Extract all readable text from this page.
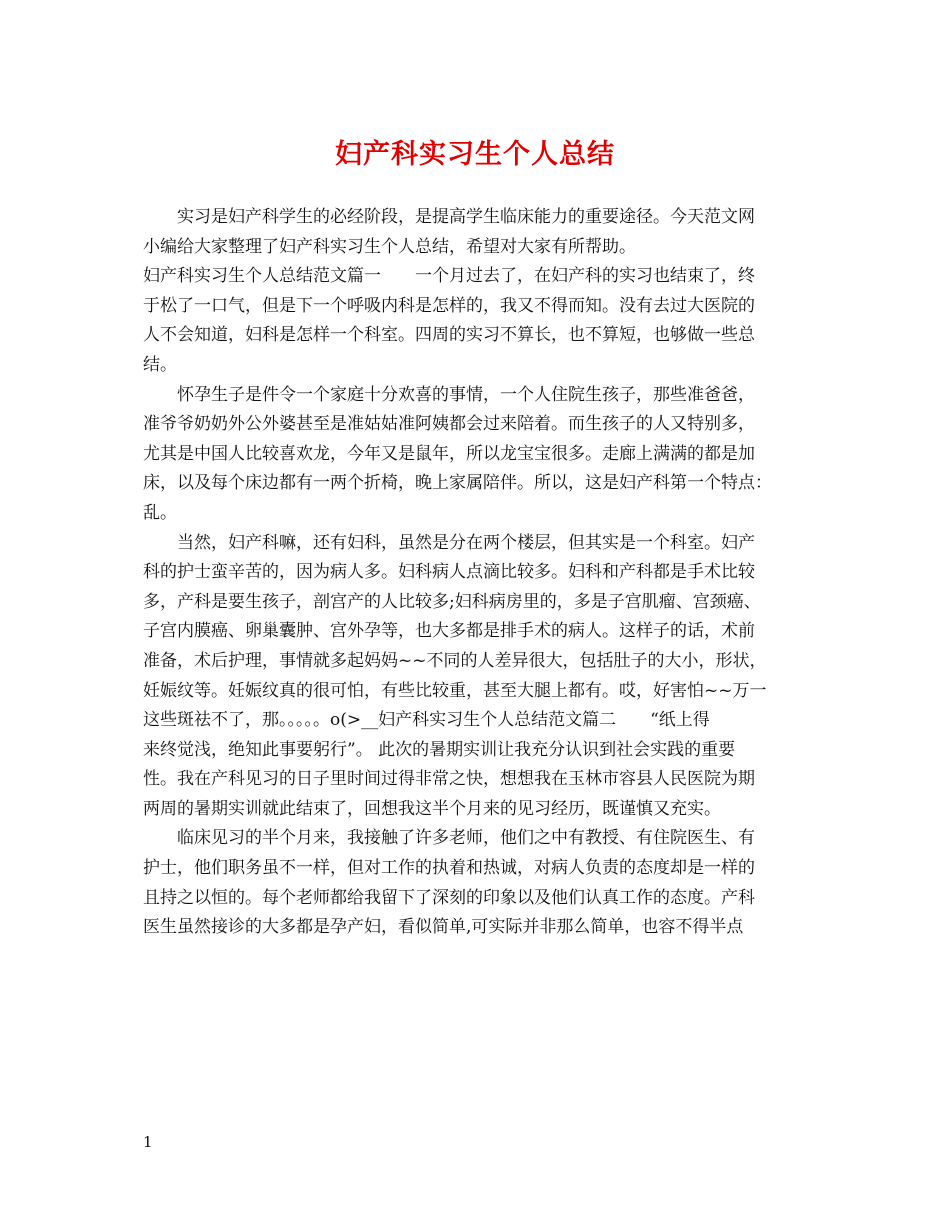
妇产科实习生个人总结
实习是妇产科学生的必经阶段，是提高学生临床能力的重要途径。今天范文网
小编给大家整理了妇产科实习生个人总结，希望对大家有所帮助。
妇产科实习生个人总结范文篇一　　一个月过去了，在妇产科的实习也结束了，终
于松了一口气，但是下一个呼吸内科是怎样的，我又不得而知。没有去过大医院的
人不会知道，妇科是怎样一个科室。四周的实习不算长，也不算短，也够做一些总
结。
怀孕生子是件令一个家庭十分欢喜的事情，一个人住院生孩子，那些准爸爸，
准爷爷奶奶外公外婆甚至是准姑姑准阿姨都会过来陪着。而生孩子的人又特别多，
尤其是中国人比较喜欢龙，今年又是鼠年，所以龙宝宝很多。走廊上满满的都是加
床，以及每个床边都有一两个折椅，晚上家属陪伴。所以，这是妇产科第一个特点：
乱。
当然，妇产科嘛，还有妇科，虽然是分在两个楼层，但其实是一个科室。妇产
科的护士蛮辛苦的，因为病人多。妇科病人点滴比较多。妇科和产科都是手术比较
多，产科是要生孩子，剖宫产的人比较多;妇科病房里的，多是子宫肌瘤、宫颈癌、
子宫内膜癌、卵巢囊肿、宫外孕等，也大多都是排手术的病人。这样子的话，术前
准备，术后护理，事情就多起妈妈~~不同的人差异很大，包括肚子的大小，形状，
妊娠纹等。妊娠纹真的很可怕，有些比较重，甚至大腿上都有。哎，好害怕~~万一
这些斑祛不了，那。。。。。o(>__妇产科实习生个人总结范文篇二　　“纸上得
来终觉浅，绝知此事要躬行”。 此次的暑期实训让我充分认识到社会实践的重要
性。我在产科见习的日子里时间过得非常之快，想想我在玉林市容县人民医院为期
两周的暑期实训就此结束了，回想我这半个月来的见习经历，既谨慎又充实。
临床见习的半个月来，我接触了许多老师，他们之中有教授、有住院医生、有
护士，他们职务虽不一样，但对工作的执着和热诚，对病人负责的态度却是一样的
且持之以恒的。每个老师都给我留下了深刻的印象以及他们认真工作的态度。产科
医生虽然接诊的大多都是孕产妇，看似简单,可实际并非那么简单，也容不得半点
1
